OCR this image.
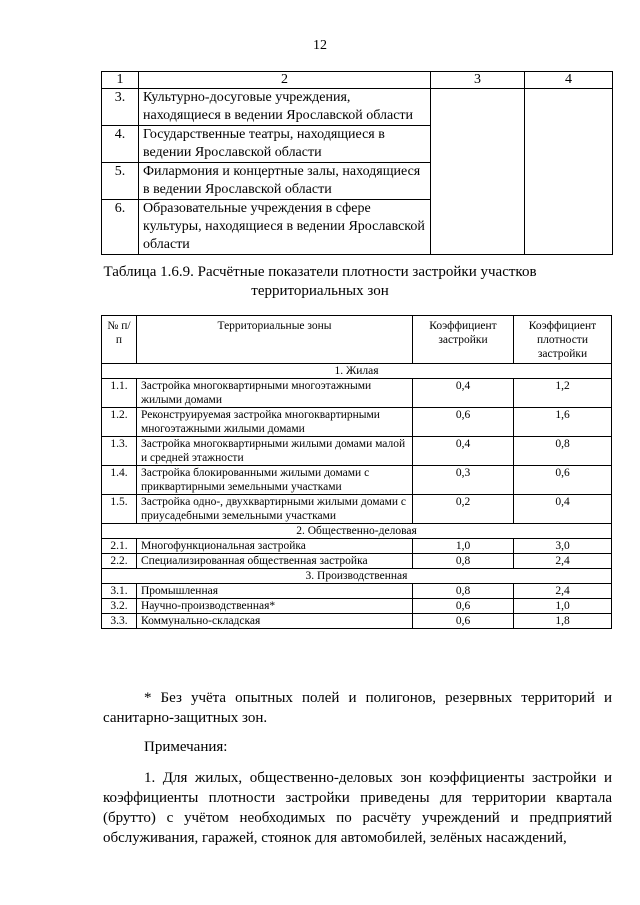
12
1	2	3	4
3.	Культурно-досуговые учреждения, находящиеся в ведении Ярославской области		
4.	Государственные театры, находящиеся в ведении Ярославской области		
5.	Филармония и концертные залы, находящиеся в ведении Ярославской области		
6.	Образовательные учреждения в сфере культуры, находящиеся в ведении Ярославской области		
Таблица 1.6.9. Расчётные показатели плотности застройки участков
территориальных зон
№ п/п	Территориальные зоны	Коэффициент застройки	Коэффициент плотности застройки
1. Жилая			
1.1.	Застройка многоквартирными многоэтажными жилыми домами	0,4	1,2
1.2.	Реконструируемая застройка многоквартирными многоэтажными жилыми домами	0,6	1,6
1.3.	Застройка многоквартирными жилыми домами малой и средней этажности	0,4	0,8
1.4.	Застройка блокированными жилыми домами с приквартирными земельными участками	0,3	0,6
1.5.	Застройка одно-, двухквартирными жилыми домами с приусадебными земельными участками	0,2	0,4
2. Общественно-деловая			
2.1.	Многофункциональная застройка	1,0	3,0
2.2.	Специализированная общественная застройка	0,8	2,4
3. Производственная			
3.1.	Промышленная	0,8	2,4
3.2.	Научно-производственная*	0,6	1,0
3.3.	Коммунально-складская	0,6	1,8
* Без учёта опытных полей и полигонов, резервных территорий и санитарно-защитных зон.
Примечания:
1. Для жилых, общественно-деловых зон коэффициенты застройки и коэффициенты плотности застройки приведены для территории квартала (брутто) с учётом необходимых по расчёту учреждений и предприятий обслуживания, гаражей, стоянок для автомобилей, зелёных насаждений,
